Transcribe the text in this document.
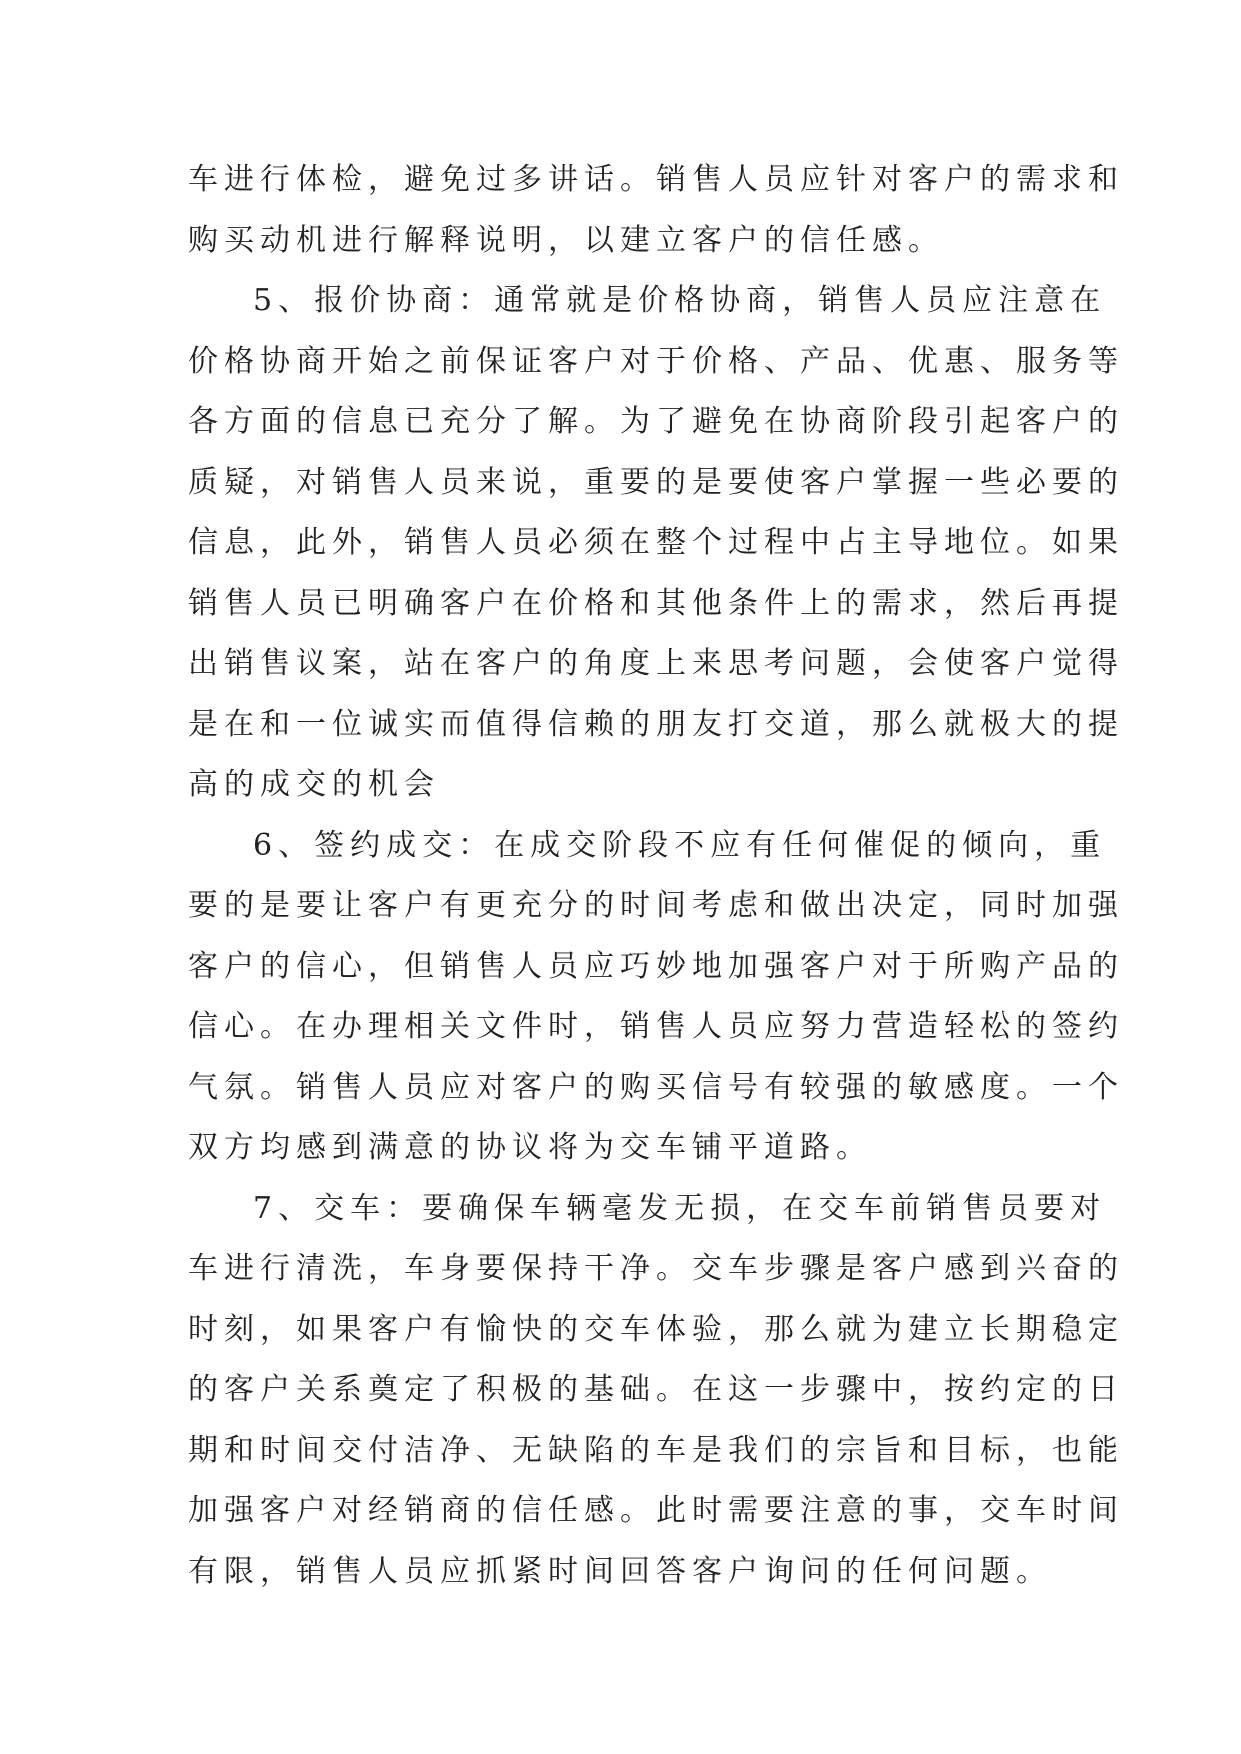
车进行体检，避免过多讲话。销售人员应针对客户的需求和
购买动机进行解释说明，以建立客户的信任感。
5、报价协商：通常就是价格协商，销售人员应注意在
价格协商开始之前保证客户对于价格、产品、优惠、服务等
各方面的信息已充分了解。为了避免在协商阶段引起客户的
质疑，对销售人员来说，重要的是要使客户掌握一些必要的
信息，此外，销售人员必须在整个过程中占主导地位。如果
销售人员已明确客户在价格和其他条件上的需求，然后再提
出销售议案，站在客户的角度上来思考问题，会使客户觉得
是在和一位诚实而值得信赖的朋友打交道，那么就极大的提
高的成交的机会
6、签约成交：在成交阶段不应有任何催促的倾向，重
要的是要让客户有更充分的时间考虑和做出决定，同时加强
客户的信心，但销售人员应巧妙地加强客户对于所购产品的
信心。在办理相关文件时，销售人员应努力营造轻松的签约
气氛。销售人员应对客户的购买信号有较强的敏感度。一个
双方均感到满意的协议将为交车铺平道路。
7、交车：要确保车辆毫发无损，在交车前销售员要对
车进行清洗，车身要保持干净。交车步骤是客户感到兴奋的
时刻，如果客户有愉快的交车体验，那么就为建立长期稳定
的客户关系奠定了积极的基础。在这一步骤中，按约定的日
期和时间交付洁净、无缺陷的车是我们的宗旨和目标，也能
加强客户对经销商的信任感。此时需要注意的事，交车时间
有限，销售人员应抓紧时间回答客户询问的任何问题。
